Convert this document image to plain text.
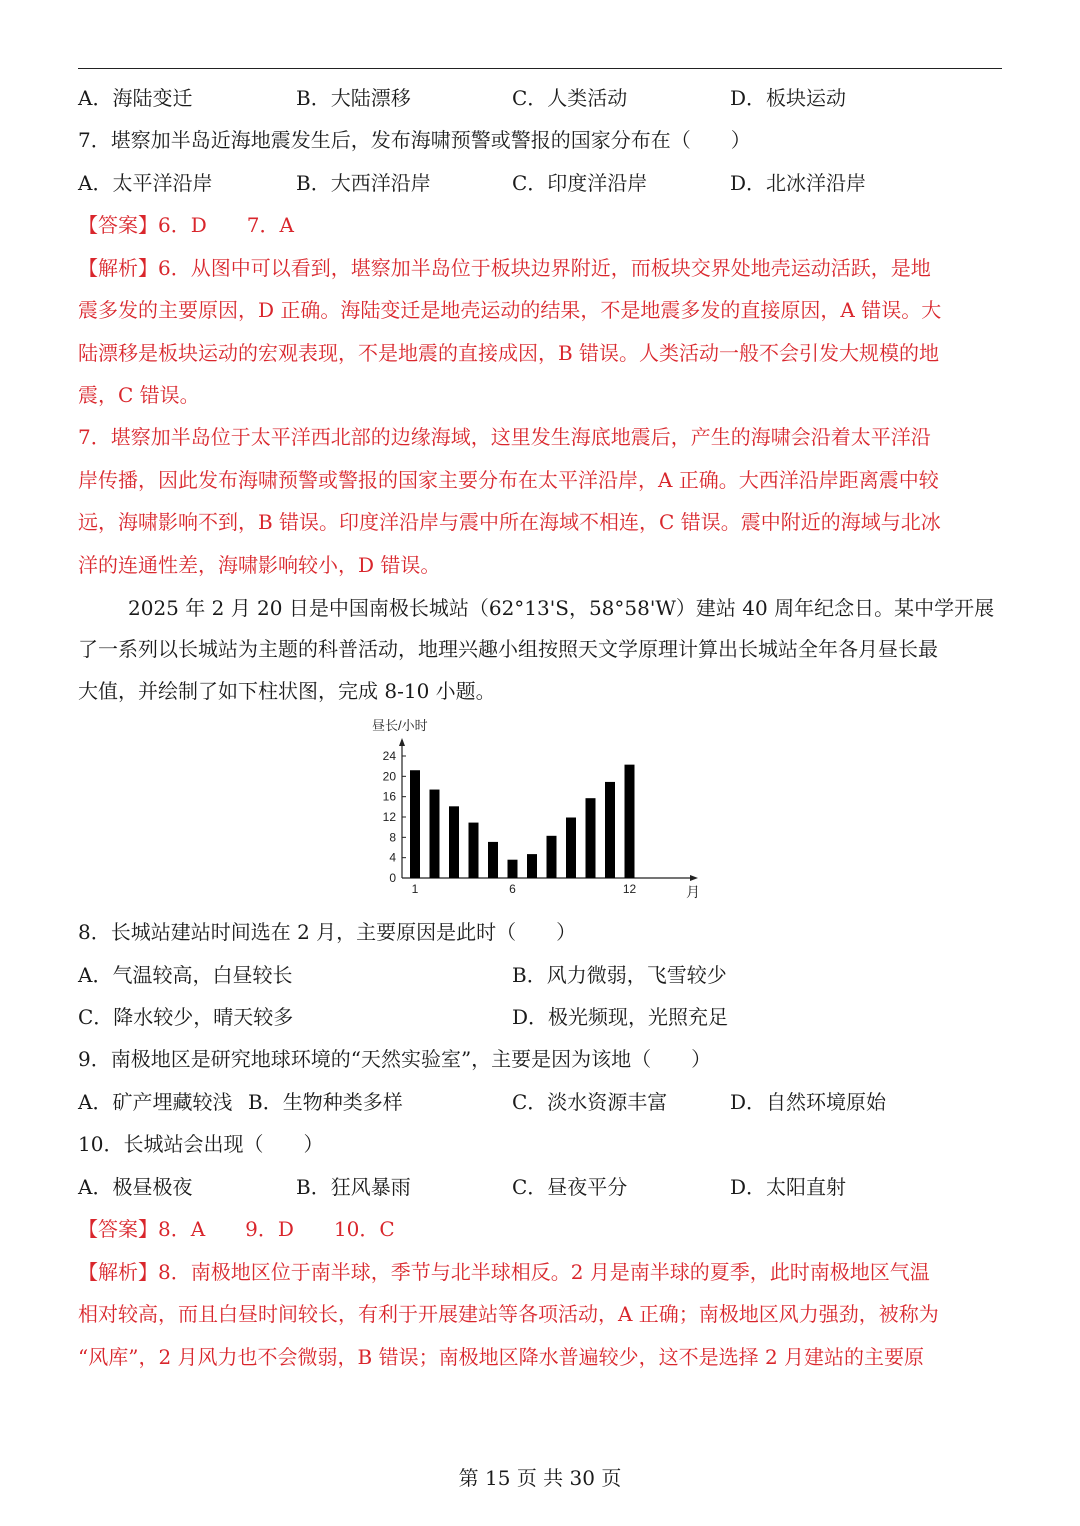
A．海陆变迁	B．大陆漂移	C．人类活动	D．板块运动
7．堪察加半岛近海地震发生后，发布海啸预警或警报的国家分布在（　　）
A．太平洋沿岸	B．大西洋沿岸	C．印度洋沿岸	D．北冰洋沿岸
【答案】6．D　　7．A
【解析】6．从图中可以看到，堪察加半岛位于板块边界附近，而板块交界处地壳运动活跃，是地
震多发的主要原因，D 正确。海陆变迁是地壳运动的结果，不是地震多发的直接原因，A 错误。大
陆漂移是板块运动的宏观表现，不是地震的直接成因，B 错误。人类活动一般不会引发大规模的地
震，C 错误。
7．堪察加半岛位于太平洋西北部的边缘海域，这里发生海底地震后，产生的海啸会沿着太平洋沿
岸传播，因此发布海啸预警或警报的国家主要分布在太平洋沿岸，A 正确。大西洋沿岸距离震中较
远，海啸影响不到，B 错误。印度洋沿岸与震中所在海域不相连，C 错误。震中附近的海域与北冰
洋的连通性差，海啸影响较小，D 错误。
2025 年 2 月 20 日是中国南极长城站（62°13'S，58°58'W）建站 40 周年纪念日。某中学开展
了一系列以长城站为主题的科普活动，地理兴趣小组按照天文学原理计算出长城站全年各月昼长最
大值，并绘制了如下柱状图，完成 8-10 小题。
昼长/小时
月
0
4
8
12
16
20
24
1	6	12
8．长城站建站时间选在 2 月，主要原因是此时（　　）
A．气温较高，白昼较长	B．风力微弱，飞雪较少
C．降水较少，晴天较多	D．极光频现，光照充足
9．南极地区是研究地球环境的“天然实验室”，主要是因为该地（　　）
A．矿产埋藏较浅 B．生物种类多样	C．淡水资源丰富	D．自然环境原始
10．长城站会出现（　　）
A．极昼极夜	B．狂风暴雨	C．昼夜平分	D．太阳直射
【答案】8．A　　9．D　　10．C
【解析】8．南极地区位于南半球，季节与北半球相反。2 月是南半球的夏季，此时南极地区气温
相对较高，而且白昼时间较长，有利于开展建站等各项活动，A 正确；南极地区风力强劲，被称为
“风库”，2 月风力也不会微弱，B 错误；南极地区降水普遍较少，这不是选择 2 月建站的主要原
第 15 页 共 30 页
